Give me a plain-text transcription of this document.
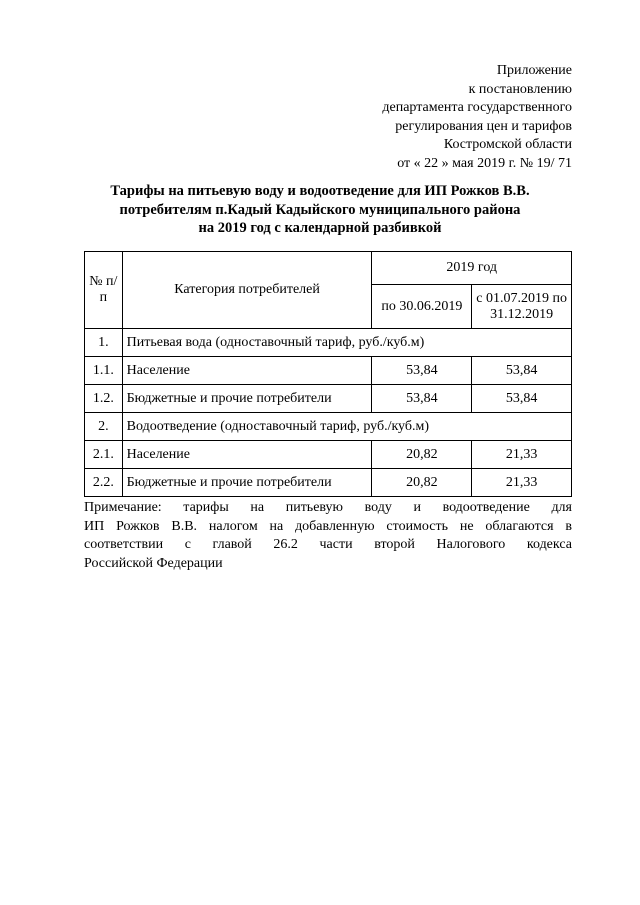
Приложение
к постановлению
департамента государственного
регулирования цен и тарифов
Костромской области
от « 22 » мая 2019 г. № 19/ 71
Тарифы на питьевую воду и водоотведение для ИП Рожков В.В.
потребителям п.Кадый Кадыйского муниципального района
на 2019 год с календарной разбивкой
№ п/п	Категория потребителей	2019 год	
		по 30.06.2019	с 01.07.2019 по 31.12.2019
1.	Питьевая вода (одноставочный тариф, руб./куб.м)		
1.1.	Население	53,84	53,84
1.2.	Бюджетные и прочие потребители	53,84	53,84
2.	Водоотведение (одноставочный тариф, руб./куб.м)		
2.1.	Население	20,82	21,33
2.2.	Бюджетные и прочие потребители	20,82	21,33
Примечание: тарифы на питьевую воду и водоотведение для
ИП Рожков В.В. налогом на добавленную стоимость не облагаются в
соответствии с главой 26.2 части второй Налогового кодекса
Российской Федерации
